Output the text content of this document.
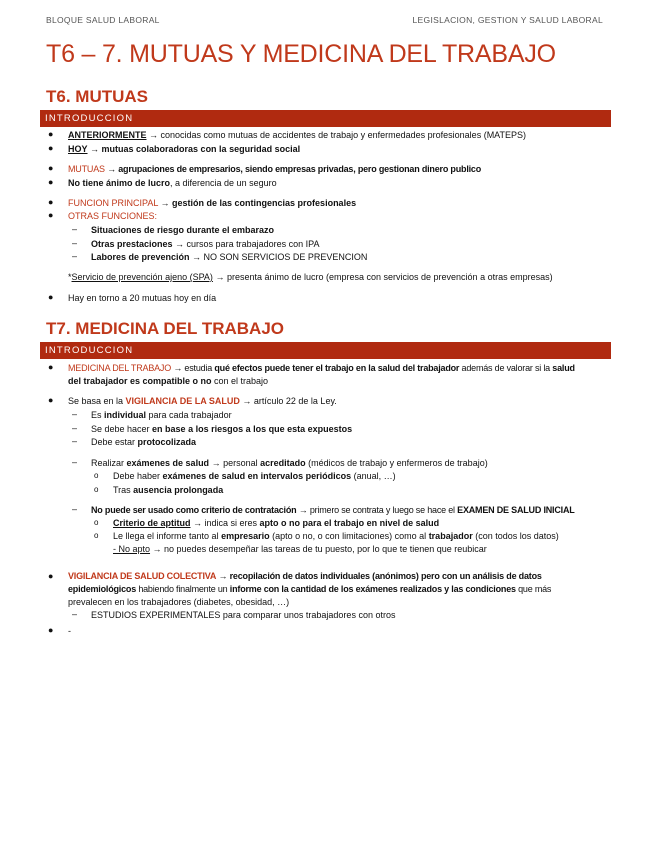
BLOQUE SALUD LABORAL	LEGISLACION, GESTION Y SALUD LABORAL
T6 – 7. MUTUAS Y MEDICINA DEL TRABAJO
T6. MUTUAS
INTRODUCCION
● ANTERIORMENTE → conocidas como mutuas de accidentes de trabajo y enfermedades profesionales (MATEPS)
● HOY → mutuas colaboradoras con la seguridad social
● MUTUAS → agrupaciones de empresarios, siendo empresas privadas, pero gestionan dinero publico
● No tiene ánimo de lucro, a diferencia de un seguro
● FUNCION PRINCIPAL → gestión de las contingencias profesionales
● OTRAS FUNCIONES:
– Situaciones de riesgo durante el embarazo
– Otras prestaciones → cursos para trabajadores con IPA
– Labores de prevención → NO SON SERVICIOS DE PREVENCION
*Servicio de prevención ajeno (SPA) → presenta ánimo de lucro (empresa con servicios de prevención a otras empresas)
● Hay en torno a 20 mutuas hoy en día
T7. MEDICINA DEL TRABAJO
INTRODUCCION
● MEDICINA DEL TRABAJO → estudia qué efectos puede tener el trabajo en la salud del trabajador además de valorar si la salud
del trabajador es compatible o no con el trabajo
● Se basa en la VIGILANCIA DE LA SALUD → artículo 22 de la Ley.
– Es individual para cada trabajador
– Se debe hacer en base a los riesgos a los que esta expuestos
– Debe estar protocolizada
– Realizar exámenes de salud → personal acreditado (médicos de trabajo y enfermeros de trabajo)
o Debe haber exámenes de salud en intervalos periódicos (anual, …)
o Tras ausencia prolongada
– No puede ser usado como criterio de contratación → primero se contrata y luego se hace el EXAMEN DE SALUD INICIAL
o Criterio de aptitud → indica si eres apto o no para el trabajo en nivel de salud
o Le llega el informe tanto al empresario (apto o no, o con limitaciones) como al trabajador (con todos los datos)
- No apto → no puedes desempeñar las tareas de tu puesto, por lo que te tienen que reubicar
● VIGILANCIA DE SALUD COLECTIVA → recopilación de datos individuales (anónimos) pero con un análisis de datos
epidemiológicos habiendo finalmente un informe con la cantidad de los exámenes realizados y las condiciones que más
prevalecen en los trabajadores (diabetes, obesidad, …)
– ESTUDIOS EXPERIMENTALES para comparar unos trabajadores con otros
● -
